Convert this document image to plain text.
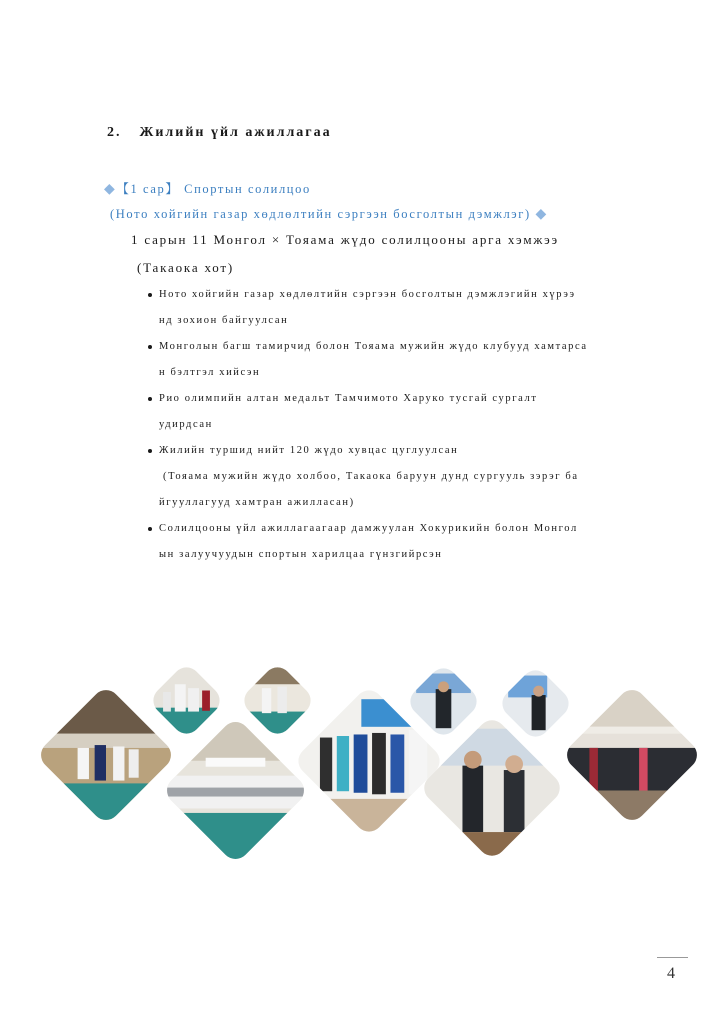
2. Жилийн үйл ажиллагаа

◆【1 сар】 Спортын солилцоо

(Нотo хойгийн газар хөдлөлтийн сэргээн босголтын дэмжлэг) ◆

1 сарын 11 Монгол × Тояама жүдо солилцооны арга хэмжээ

(Такаока хот)

Ното хойгийн газар хөдлөлтийн сэргээн босголтын дэмжлэгийн хүрээ
нд зохион байгуулсан
Монголын багш тамирчид болон Тояама мужийн жүдо клубууд хамтарса
н бэлтгэл хийсэн
Рио олимпийн алтан медальт Тамчимото Харуко тусгай сургалт
удирдсан
Жилийн туршид нийт 120 жүдо хувцас цуглуулсан
(Тояама мужийн жүдо холбоо, Такаока баруун дунд сургууль зэрэг ба
йгууллагууд хамтран ажилласан)
Солилцооны үйл ажиллагаагаар дамжуулан Хокурикийн болон Монгол
ын залуучуудын спортын харилцаа гүнзгийрсэн

4
